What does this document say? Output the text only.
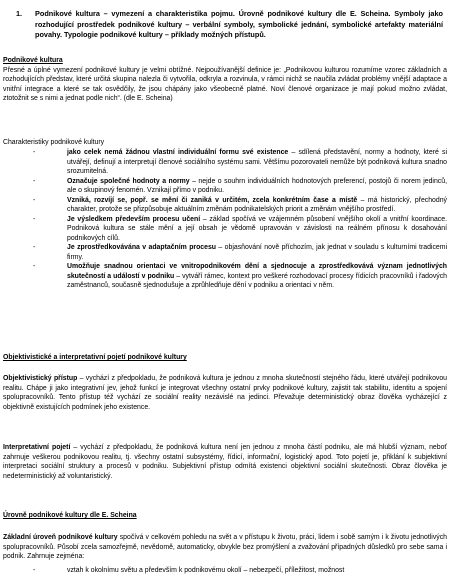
1. Podnikové kultura – vymezení a charakteristika pojmu. Úrovně podnikové kultury dle E. Scheina. Symboly jako rozhodující prostředek podnikové kultury – verbální symboly, symbolické jednání, symbolické artefakty materiální povahy. Typologie podnikové kultury – příklady možných přístupů.
Podnikové kultura
Přesné a úplné vymezení podnikové kultury je velmi obtížné. Nejpoužívanější definice je: „Podnikovou kulturou rozumíme vzorec základních a rozhodujících představ, které určitá skupina nalezla či vytvořila, odkryla a rozvinula, v rámci nichž se naučila zvládat problémy vnější adaptace a vnitřní integrace a které se tak osvědčily, že jsou chápány jako všeobecně platné. Noví členové organizace je mají pokud možno zvládat, ztotožnit se s nimi a jednat podle nich“. (dle E. Scheina)
Charakteristiky podnikové kultury
- jako celek nemá žádnou vlastní individuální formu své existence – sdílená představění, normy a hodnoty, které si utvářejí, definují a interpretují členové sociálního systému sami. Většímu pozorovateli nemůže být podniková kultura snadno srozumitelná.
- Označuje společné hodnoty a normy – nejde o souhrn individuálních hodnotových preferencí, postojů či norem jedinců, ale o skupinový fenomén. Vznikají přímo v podniku.
- Vzniká, rozvíjí se, popř. se mění či zaniká v určitém, zcela konkrétním čase a místě – má historický, přechodný charakter, protože se přizpůsobuje aktuálním změnám podnikatelských priorit a změnám vnějšího prostředí.
- Je výsledkem především procesu učení – základ spočívá ve vzájemném působení vnějšího okolí a vnitřní koordinace. Podniková kultura se stále mění a její obsah je vědomě upravován v závislosti na reálném přínosu k dosahování podnikových cílů.
- Je zprostředkovávána v adaptačním procesu – objasňování nově příchozím, jak jednat v souladu s kulturními tradicemi firmy.
- Umožňuje snadnou orientaci ve vnitropodnikovém dění a sjednocuje a zprostředkovává význam jednotlivých skutečností a událostí v podniku – vytváří rámec, kontext pro veškeré rozhodovací procesy řídicích pracovníků i řadových zaměstnanců, současně sjednodušuje a zprůhledňuje dění v podniku a orientaci v něm.
Objektivistické a interpretativní pojetí podnikové kultury
Objektivistický přístup – vychází z předpokladu, že podniková kultura je jednou z mnoha skutečností stejného řádu, které utvářejí podnikovou realitu. Chápe ji jako integrativní jev, jehož funkcí je integrovat všechny ostatní prvky podnikové kultury, zajistit tak stabilitu, identitu a spojení spolupracovníků. Tento přístup též vychází ze sociální reality nezávislé na jedinci. Převažuje deterministický obraz člověka vycházející z objektivně existujících podmínek jeho existence.
Interpretativní pojetí – vychází z předpokladu, že podniková kultura není jen jednou z mnoha částí podniku, ale má hlubší význam, neboť zahrnuje veškerou podnikovou realitu, tj. všechny ostatní subsystémy, řídicí, informační, logistický apod. Toto pojetí je, přiklání k subjektivní interpretaci sociální struktury a procesů v podniku. Subjektivní přístup odmítá existenci objektivní sociální skutečnosti. Obraz člověka je nedeterministický až voluntaristický.
Úrovně podnikové kultury dle E. Scheina
Základní úroveň podnikové kultury spočívá v celkovém pohledu na svět a v přístupu k životu, práci, lidem i sobě samým i k životu jednotlivých spolupracovníků. Působí zcela samozřejmě, nevědomě, automaticky, obvykle bez promýšlení a zvažování případných důsledků pro sebe sama i podnik. Zahrnuje zejména:
- vztah k okolnímu světu a především k podnikovému okolí – nebezpečí, příležitost, možnost
